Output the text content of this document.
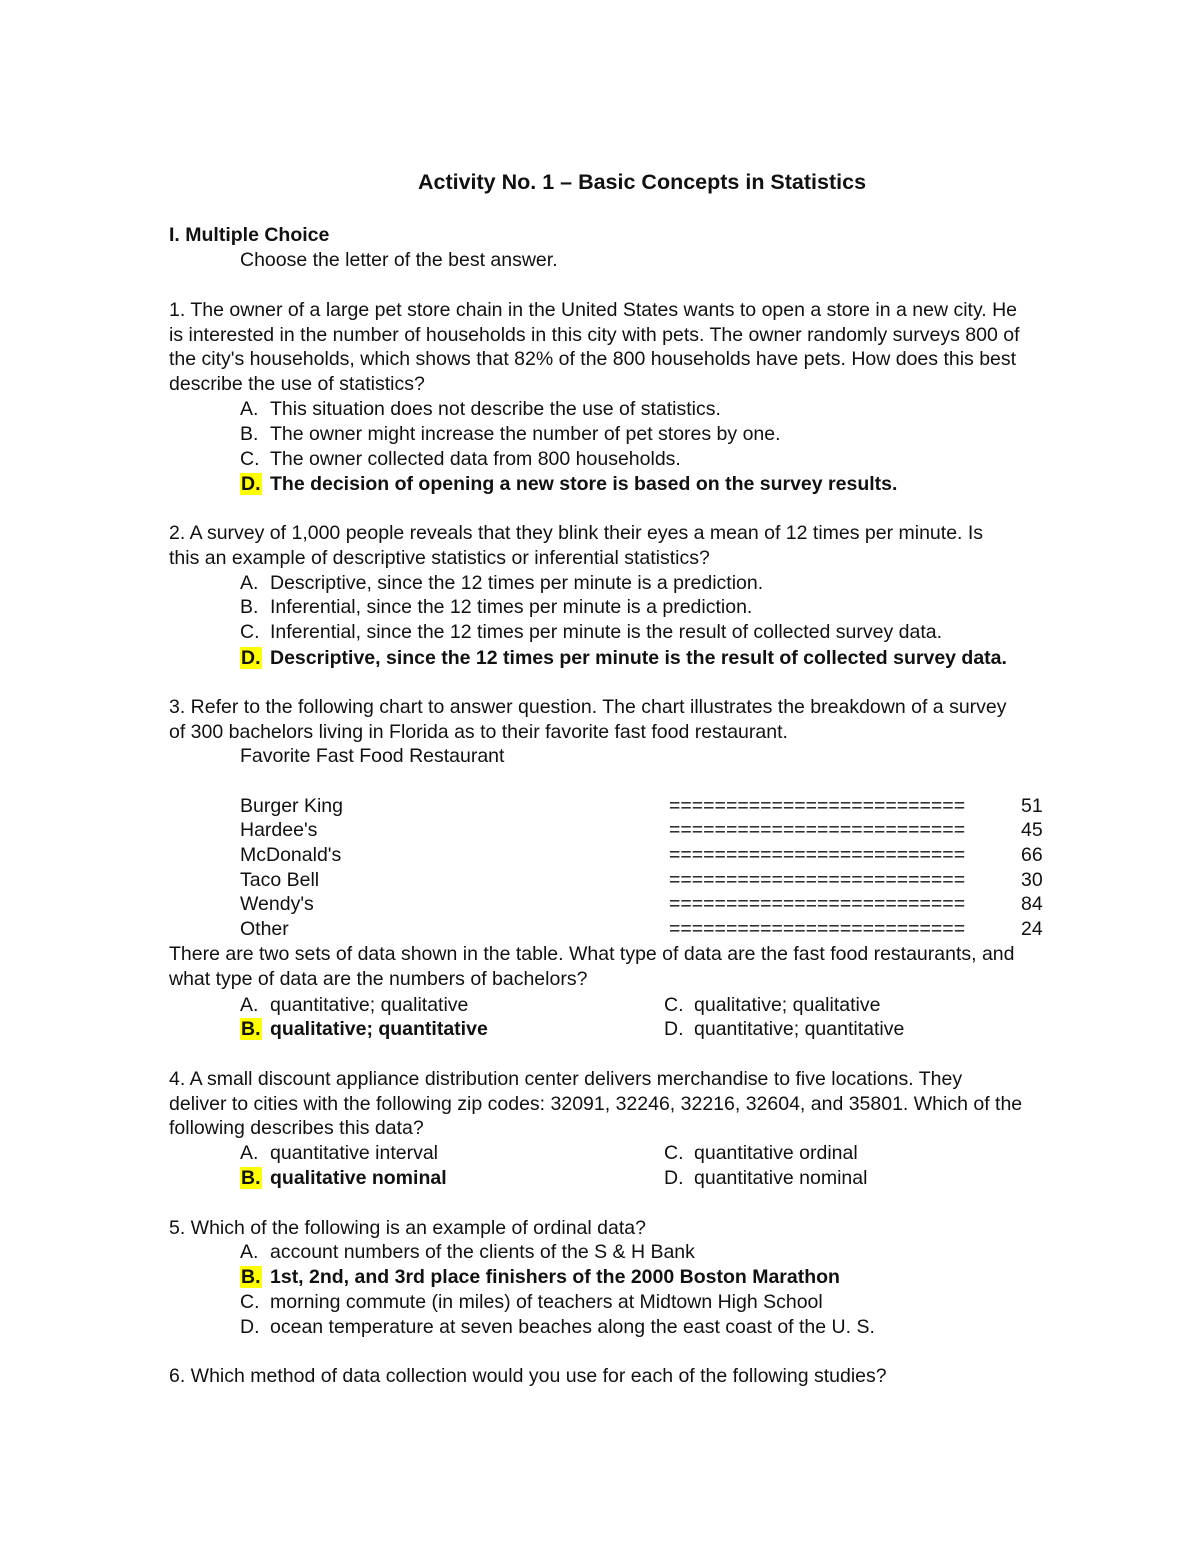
Activity No. 1 – Basic Concepts in Statistics
I. Multiple Choice
Choose the letter of the best answer.
1. The owner of a large pet store chain in the United States wants to open a store in a new city. He
is interested in the number of households in this city with pets. The owner randomly surveys 800 of
the city's households, which shows that 82% of the 800 households have pets. How does this best
describe the use of statistics?
A. This situation does not describe the use of statistics.
B. The owner might increase the number of pet stores by one.
C. The owner collected data from 800 households.
D. The decision of opening a new store is based on the survey results.
2. A survey of 1,000 people reveals that they blink their eyes a mean of 12 times per minute. Is
this an example of descriptive statistics or inferential statistics?
A. Descriptive, since the 12 times per minute is a prediction.
B. Inferential, since the 12 times per minute is a prediction.
C. Inferential, since the 12 times per minute is the result of collected survey data.
D. Descriptive, since the 12 times per minute is the result of collected survey data.
3. Refer to the following chart to answer question. The chart illustrates the breakdown of a survey
of 300 bachelors living in Florida as to their favorite fast food restaurant.
Favorite Fast Food Restaurant
Burger King	==========================	51
Hardee's	==========================	45
McDonald's	==========================	66
Taco Bell	==========================	30
Wendy's	==========================	84
Other	==========================	24
There are two sets of data shown in the table. What type of data are the fast food restaurants, and
what type of data are the numbers of bachelors?
A. quantitative; qualitative	C. qualitative; qualitative
B. qualitative; quantitative	D. quantitative; quantitative
4. A small discount appliance distribution center delivers merchandise to five locations. They
deliver to cities with the following zip codes: 32091, 32246, 32216, 32604, and 35801. Which of the
following describes this data?
A. quantitative interval	C. quantitative ordinal
B. qualitative nominal	D. quantitative nominal
5. Which of the following is an example of ordinal data?
A. account numbers of the clients of the S & H Bank
B. 1st, 2nd, and 3rd place finishers of the 2000 Boston Marathon
C. morning commute (in miles) of teachers at Midtown High School
D. ocean temperature at seven beaches along the east coast of the U. S.
6. Which method of data collection would you use for each of the following studies?
